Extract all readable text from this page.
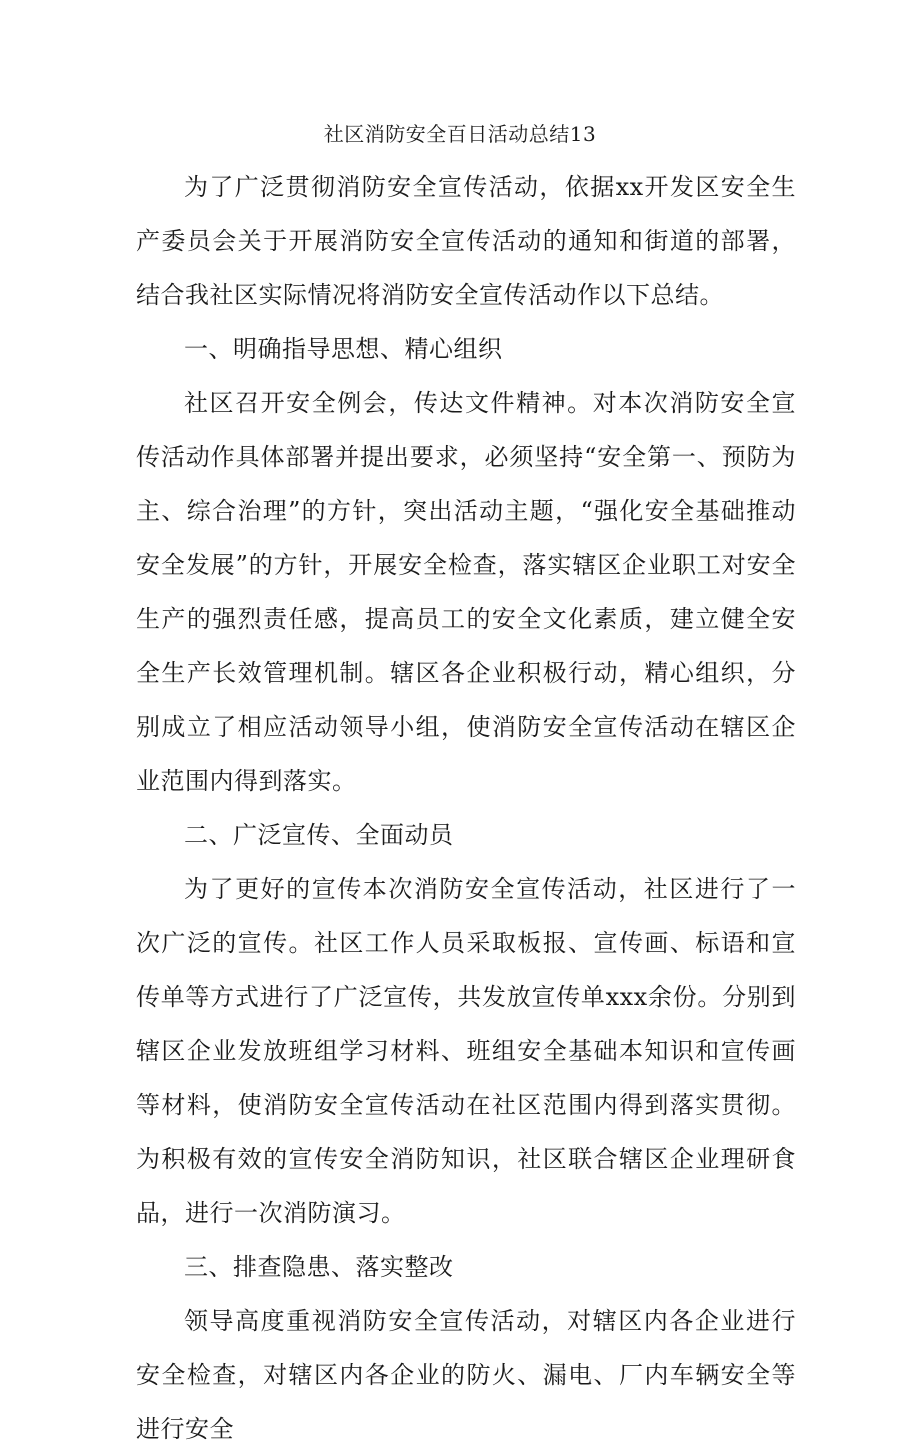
社区消防安全百日活动总结13

为了广泛贯彻消防安全宣传活动，依据xx开发区安全生产委员会关于开展消防安全宣传活动的通知和街道的部署，结合我社区实际情况将消防安全宣传活动作以下总结。

一、明确指导思想、精心组织

社区召开安全例会，传达文件精神。对本次消防安全宣传活动作具体部署并提出要求，必须坚持“安全第一、预防为主、综合治理”的方针，突出活动主题，“强化安全基础推动安全发展”的方针，开展安全检查，落实辖区企业职工对安全生产的强烈责任感，提高员工的安全文化素质，建立健全安全生产长效管理机制。辖区各企业积极行动，精心组织，分别成立了相应活动领导小组，使消防安全宣传活动在辖区企业范围内得到落实。

二、广泛宣传、全面动员

为了更好的宣传本次消防安全宣传活动，社区进行了一次广泛的宣传。社区工作人员采取板报、宣传画、标语和宣传单等方式进行了广泛宣传，共发放宣传单xxx余份。分别到辖区企业发放班组学习材料、班组安全基础本知识和宣传画等材料，使消防安全宣传活动在社区范围内得到落实贯彻。为积极有效的宣传安全消防知识，社区联合辖区企业理研食品，进行一次消防演习。

三、排查隐患、落实整改

领导高度重视消防安全宣传活动，对辖区内各企业进行安全检查，对辖区内各企业的防火、漏电、厂内车辆安全等进行安全
